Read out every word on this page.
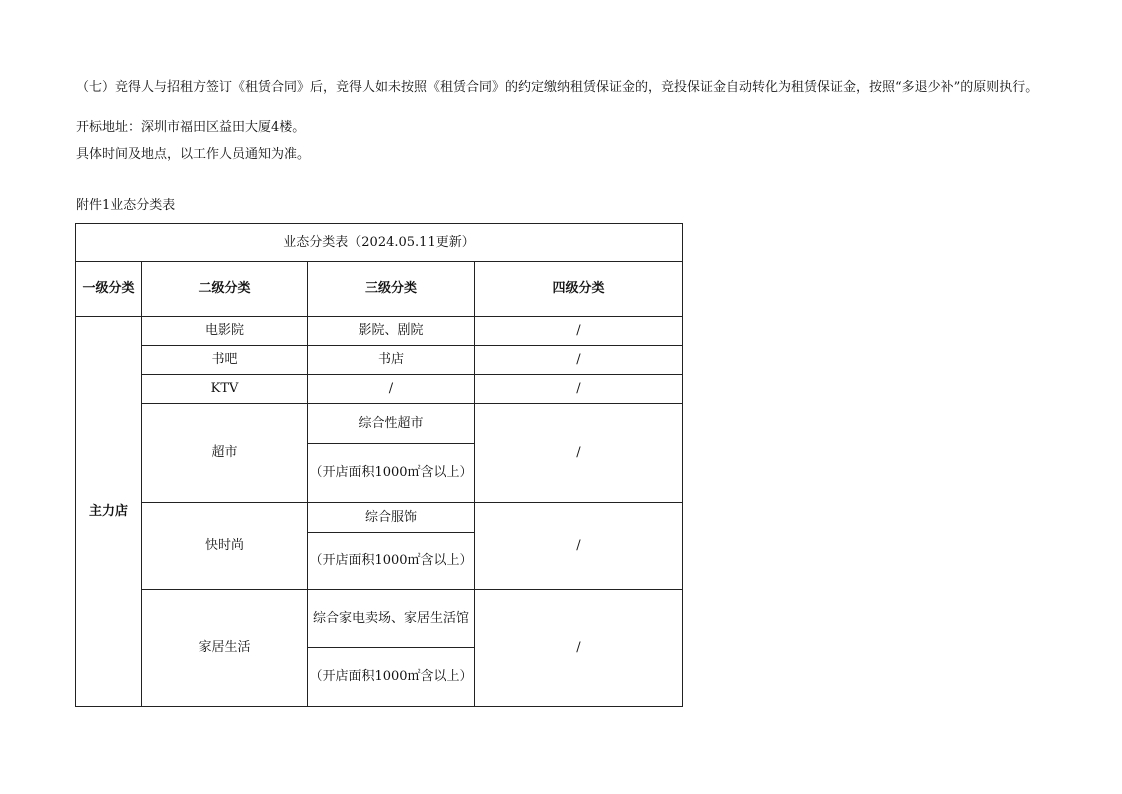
（七）竞得人与招租方签订《租赁合同》后，竞得人如未按照《租赁合同》的约定缴纳租赁保证金的，竞投保证金自动转化为租赁保证金，按照“多退少补”的原则执行。

开标地址：深圳市福田区益田大厦4楼。

具体时间及地点，以工作人员通知为准。

附件1业态分类表
业态分类表（2024.05.11更新）			
一级分类	二级分类	三级分类	四级分类
主力店	电影院	影院、剧院	/
	书吧	书店	/
	KTV	/	/
	超市	综合性超市	/
		（开店面积1000㎡含以上）	
	快时尚	综合服饰	/
		（开店面积1000㎡含以上）	
	家居生活	综合家电卖场、家居生活馆	/
		（开店面积1000㎡含以上）	
